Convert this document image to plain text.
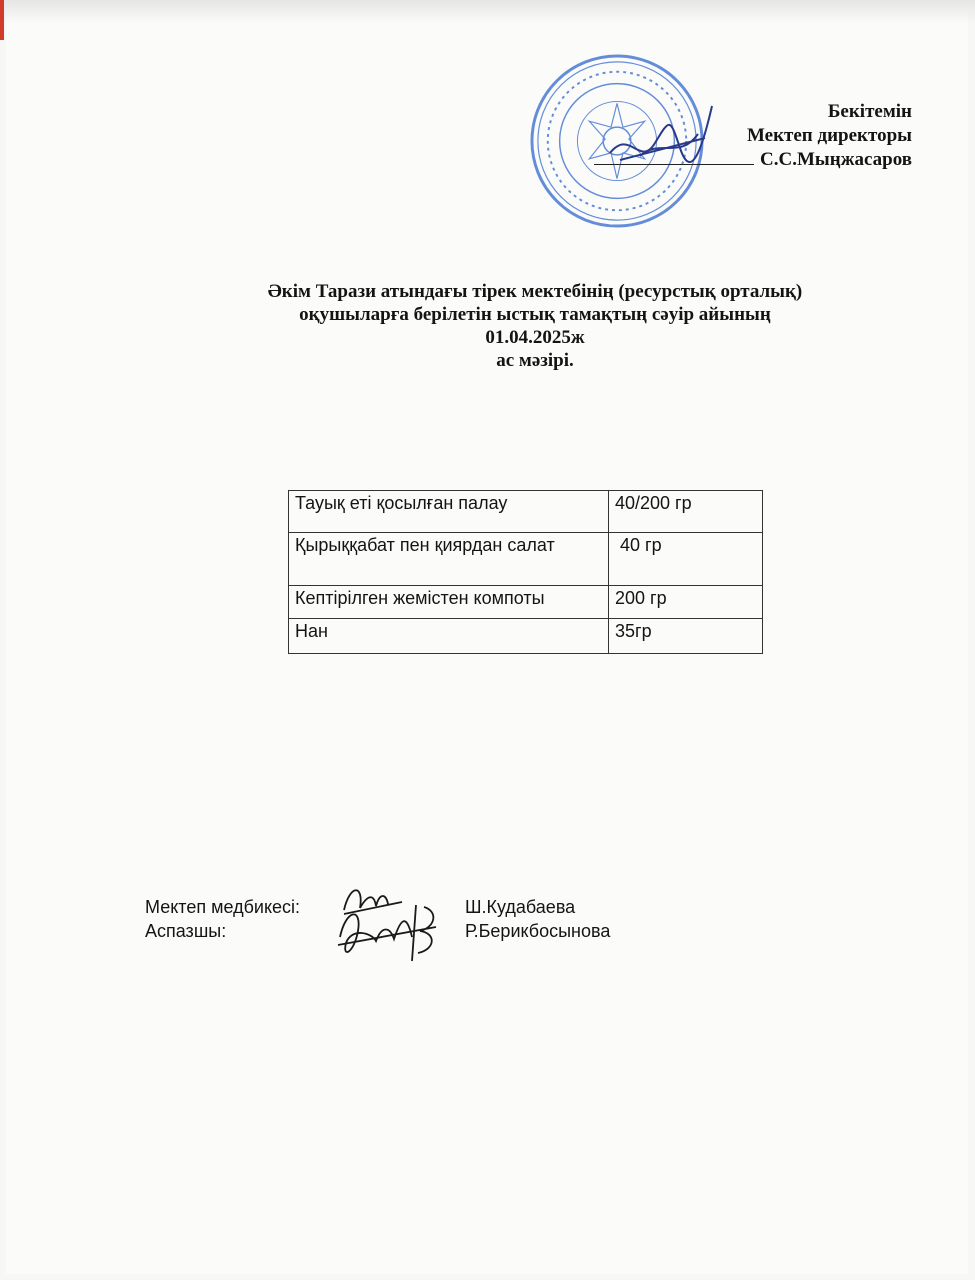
Бекітемін
Мектеп директоры
С.С.Мыңжасаров
Әкім Тарази атындағы тірек мектебінің (ресурстық орталық)
оқушыларға берілетін ыстық тамақтың сәуір айының
01.04.2025ж
ас мәзірі.
Тауық еті қосылған палау	40/200 гр
Қырыққабат пен қиярдан салат	40 гр
Кептірілген жемістен компоты	200 гр
Нан	35гр
Мектеп медбикесі:	Ш.Кудабаева
Аспазшы:	Р.Берикбосынова
